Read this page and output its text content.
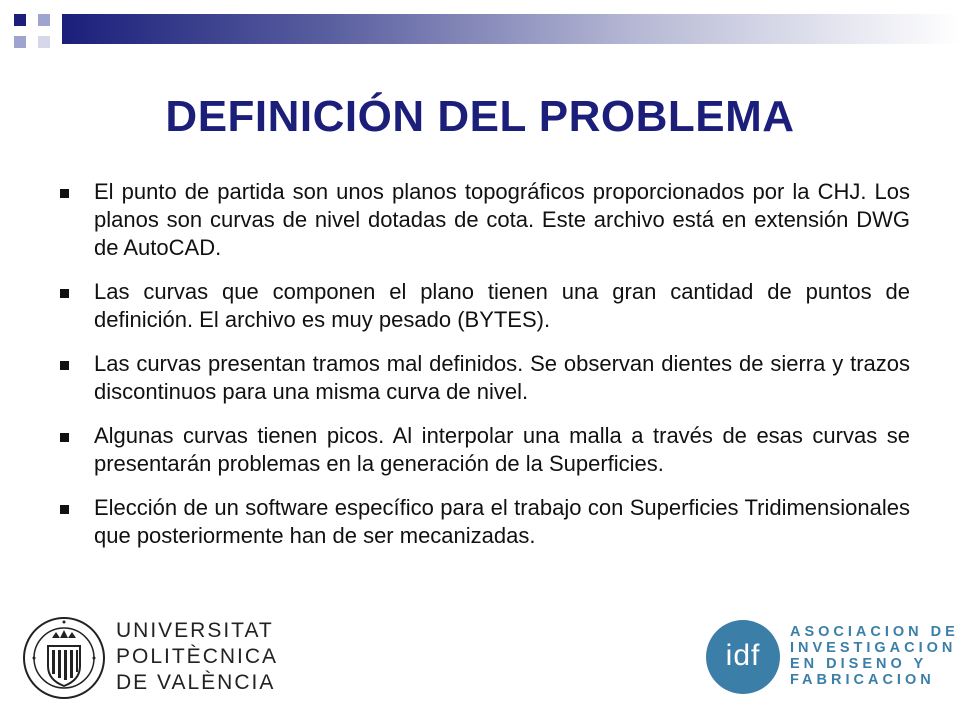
DEFINICIÓN DEL PROBLEMA
El punto de partida son unos planos topográficos proporcionados por la CHJ. Los planos son curvas de nivel dotadas de cota. Este archivo está en extensión DWG de AutoCAD.
Las curvas que componen el plano tienen una gran cantidad de puntos de definición. El archivo es muy pesado (BYTES).
Las curvas presentan tramos mal definidos. Se observan dientes de sierra y trazos discontinuos para una misma curva de nivel.
Algunas curvas tienen picos. Al interpolar una malla a través de esas curvas se presentarán problemas en la generación de la Superficies.
Elección de un software específico para el trabajo con Superficies Tridimensionales que posteriormente han de ser mecanizadas.
UNIVERSITAT
POLITÈCNICA
DE VALÈNCIA
idf
ASOCIACION DE
INVESTIGACION
EN DISENO Y
FABRICACION
